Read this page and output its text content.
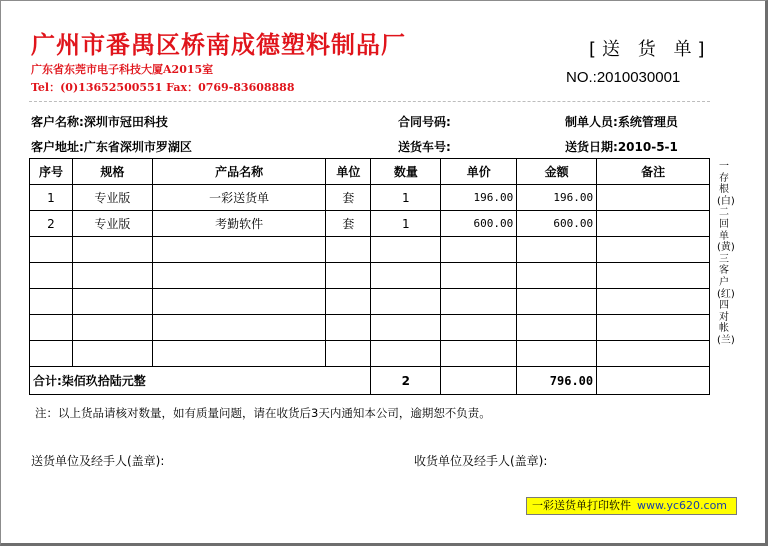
广州市番禺区桥南成德塑料制品厂
广东省东莞市电子科技大厦A2015室
Tel：(0)13652500551 Fax：0769-83608888
[送 货 单]
NO.:2010030001
客户名称:深圳市冠田科技	合同号码:	制单人员:系统管理员
客户地址:广东省深圳市罗湖区	送货车号:	送货日期:2010-5-1
序号	规格	产品名称	单位	数量	单价	金额	备注
1	专业版	一彩送货单	套	1	196.00	196.00	
2	专业版	考勤软件	套	1	600.00	600.00	

合计:柒佰玖拾陆元整				2		796.00	
一存根(白) 二回单(黄) 三客户(红) 四对帐(兰)
注：以上货品请核对数量，如有质量问题，请在收货后3天内通知本公司，逾期恕不负责。
送货单位及经手人(盖章):	收货单位及经手人(盖章):
一彩送货单打印软件 www.yc620.com
